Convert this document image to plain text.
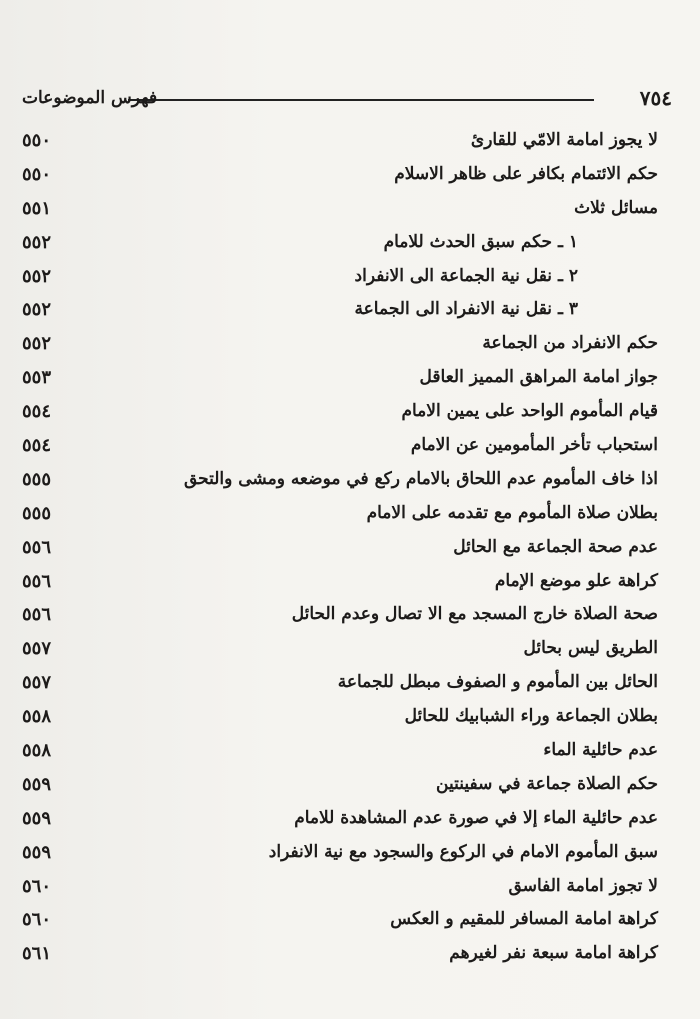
٧٥٤
فهرس الموضوعات
لا يجوز امامة الامّي للقارئ
٥٥٠
حكم الائتمام بكافر على ظاهر الاسلام
٥٥٠
مسائل ثلاث
٥٥١
١ ـ حكم سبق الحدث للامام
٥٥٢
٢ ـ نقل نية الجماعة الى الانفراد
٥٥٢
٣ ـ نقل نية الانفراد الى الجماعة
٥٥٢
حكم الانفراد من الجماعة
٥٥٢
جواز امامة المراهق المميز العاقل
٥٥٣
قيام المأموم الواحد على يمين الامام
٥٥٤
استحباب تأخر المأمومين عن الامام
٥٥٤
اذا خاف المأموم عدم اللحاق بالامام ركع في موضعه ومشى والتحق
٥٥٥
بطلان صلاة المأموم مع تقدمه على الامام
٥٥٥
عدم صحة الجماعة مع الحائل
٥٥٦
كراهة علو موضع الإمام
٥٥٦
صحة الصلاة خارج المسجد مع الا تصال وعدم الحائل
٥٥٦
الطريق ليس بحائل
٥٥٧
الحائل بين المأموم و الصفوف مبطل للجماعة
٥٥٧
بطلان الجماعة وراء الشبابيك للحائل
٥٥٨
عدم حائلية الماء
٥٥٨
حكم الصلاة جماعة في سفينتين
٥٥٩
عدم حائلية الماء إلا في صورة عدم المشاهدة للامام
٥٥٩
سبق المأموم الامام في الركوع والسجود مع نية الانفراد
٥٥٩
لا تجوز امامة الفاسق
٥٦٠
كراهة امامة المسافر للمقيم و العكس
٥٦٠
كراهة امامة سبعة نفر لغيرهم
٥٦١
